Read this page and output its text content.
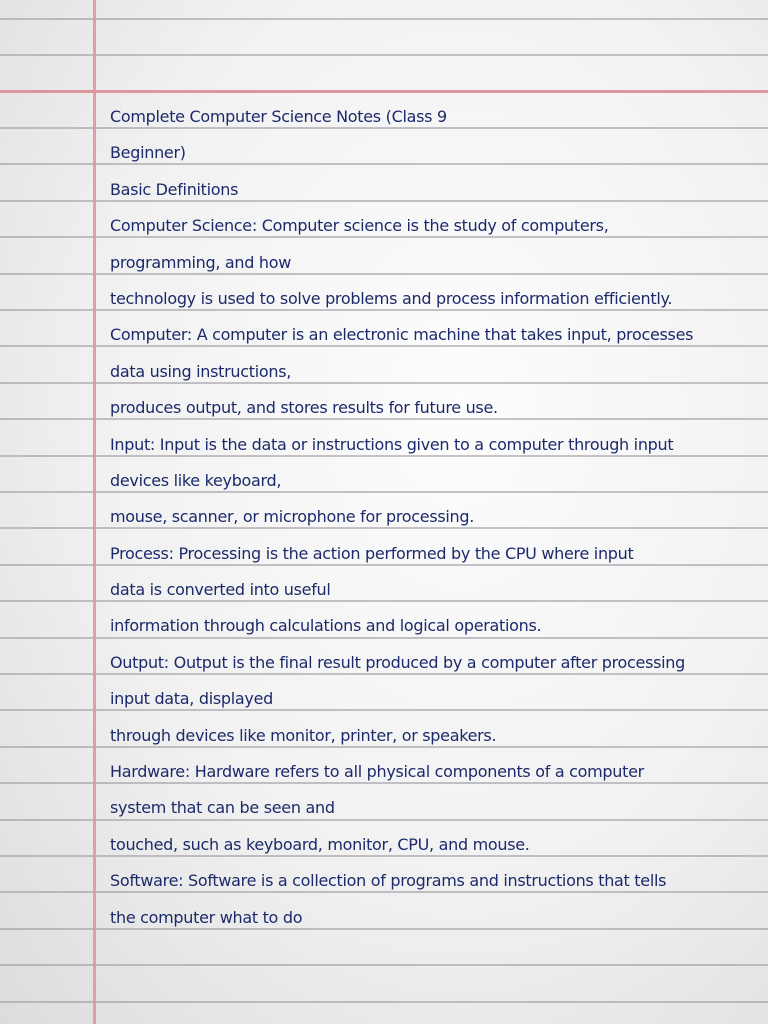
Complete Computer Science Notes (Class 9
Beginner)
Basic Definitions
Computer Science: Computer science is the study of computers,
programming, and how
technology is used to solve problems and process information efficiently.
Computer: A computer is an electronic machine that takes input, processes
data using instructions,
produces output, and stores results for future use.
Input: Input is the data or instructions given to a computer through input
devices like keyboard,
mouse, scanner, or microphone for processing.
Process: Processing is the action performed by the CPU where input
data is converted into useful
information through calculations and logical operations.
Output: Output is the final result produced by a computer after processing
input data, displayed
through devices like monitor, printer, or speakers.
Hardware: Hardware refers to all physical components of a computer
system that can be seen and
touched, such as keyboard, monitor, CPU, and mouse.
Software: Software is a collection of programs and instructions that tells
the computer what to do
